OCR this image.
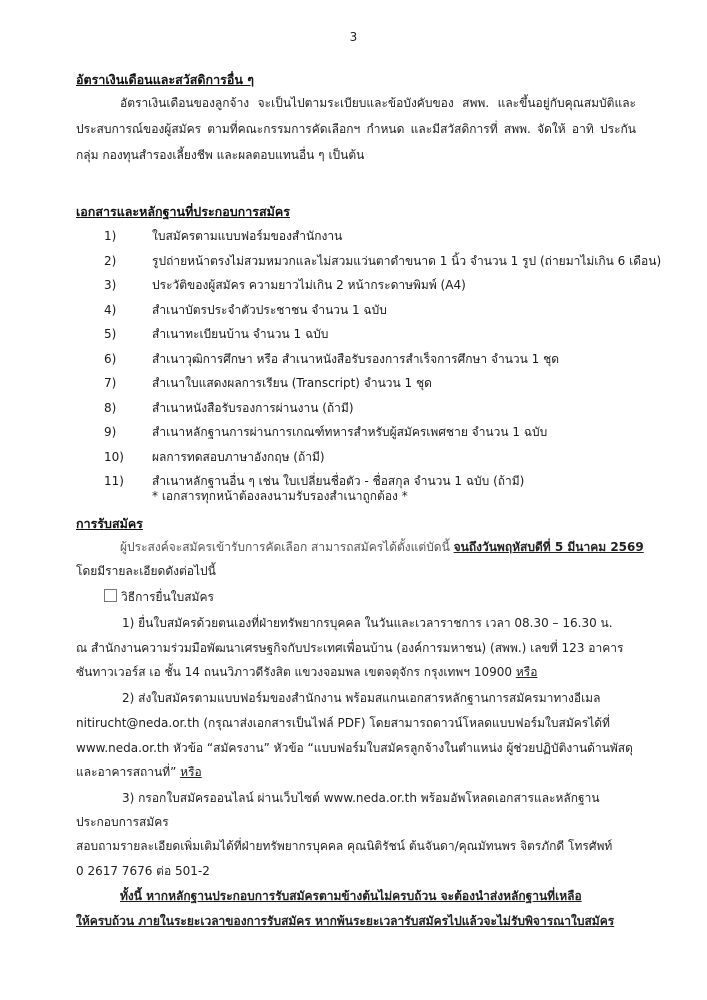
3
อัตราเงินเดือนและสวัสดิการอื่น ๆ
อัตราเงินเดือนของลูกจ้าง จะเป็นไปตามระเบียบและข้อบังคับของ สพพ. และขึ้นอยู่กับคุณสมบัติและประสบการณ์ของผู้สมัคร ตามที่คณะกรรมการคัดเลือกฯ กำหนด และมีสวัสดิการที่ สพพ. จัดให้ อาทิ ประกันกลุ่ม กองทุนสำรองเลี้ยงชีพ และผลตอบแทนอื่น ๆ เป็นต้น
เอกสารและหลักฐานที่ประกอบการสมัคร
1)	ใบสมัครตามแบบฟอร์มของสำนักงาน
2)	รูปถ่ายหน้าตรงไม่สวมหมวกและไม่สวมแว่นตาดำขนาด 1 นิ้ว จำนวน 1 รูป (ถ่ายมาไม่เกิน 6 เดือน)
3)	ประวัติของผู้สมัคร ความยาวไม่เกิน 2 หน้ากระดาษพิมพ์ (A4)
4)	สำเนาบัตรประจำตัวประชาชน จำนวน 1 ฉบับ
5)	สำเนาทะเบียนบ้าน จำนวน 1 ฉบับ
6)	สำเนาวุฒิการศึกษา หรือ สำเนาหนังสือรับรองการสำเร็จการศึกษา จำนวน 1 ชุด
7)	สำเนาใบแสดงผลการเรียน (Transcript) จำนวน 1 ชุด
8)	สำเนาหนังสือรับรองการผ่านงาน (ถ้ามี)
9)	สำเนาหลักฐานการผ่านการเกณฑ์ทหารสำหรับผู้สมัครเพศชาย จำนวน 1 ฉบับ
10)	ผลการทดสอบภาษาอังกฤษ (ถ้ามี)
11)	สำเนาหลักฐานอื่น ๆ เช่น ใบเปลี่ยนชื่อตัว - ชื่อสกุล จำนวน 1 ฉบับ (ถ้ามี)
* เอกสารทุกหน้าต้องลงนามรับรองสำเนาถูกต้อง *
การรับสมัคร
ผู้ประสงค์จะสมัครเข้ารับการคัดเลือก สามารถสมัครได้ตั้งแต่บัดนี้ จนถึงวันพฤหัสบดีที่ 5 มีนาคม 2569
โดยมีรายละเอียดดังต่อไปนี้
วิธีการยื่นใบสมัคร
1) ยื่นใบสมัครด้วยตนเองที่ฝ่ายทรัพยากรบุคคล ในวันและเวลาราชการ เวลา 08.30 – 16.30 น.
ณ สำนักงานความร่วมมือพัฒนาเศรษฐกิจกับประเทศเพื่อนบ้าน (องค์การมหาชน) (สพพ.) เลขที่ 123 อาคาร
ซันทาวเวอร์ส เอ ชั้น 14 ถนนวิภาวดีรังสิต แขวงจอมพล เขตจตุจักร กรุงเทพฯ 10900 หรือ
2) ส่งใบสมัครตามแบบฟอร์มของสำนักงาน พร้อมสแกนเอกสารหลักฐานการสมัครมาทางอีเมล
nitirucht@neda.or.th (กรุณาส่งเอกสารเป็นไฟล์ PDF) โดยสามารถดาวน์โหลดแบบฟอร์มใบสมัครได้ที่
www.neda.or.th หัวข้อ “สมัครงาน” หัวข้อ “แบบฟอร์มใบสมัครลูกจ้างในตำแหน่ง ผู้ช่วยปฏิบัติงานด้านพัสดุ
และอาคารสถานที่” หรือ
3) กรอกใบสมัครออนไลน์ ผ่านเว็บไซต์ www.neda.or.th พร้อมอัพโหลดเอกสารและหลักฐาน
ประกอบการสมัคร
สอบถามรายละเอียดเพิ่มเติมได้ที่ฝ่ายทรัพยากรบุคคล คุณนิติรัชน์ ต้นจันดา/คุณมัทนพร จิตรภักดี โทรศัพท์
0 2617 7676 ต่อ 501-2
ทั้งนี้ หากหลักฐานประกอบการรับสมัครตามข้างต้นไม่ครบถ้วน จะต้องนำส่งหลักฐานที่เหลือ
ให้ครบถ้วน ภายในระยะเวลาของการรับสมัคร หากพ้นระยะเวลารับสมัครไปแล้วจะไม่รับพิจารณาใบสมัคร
